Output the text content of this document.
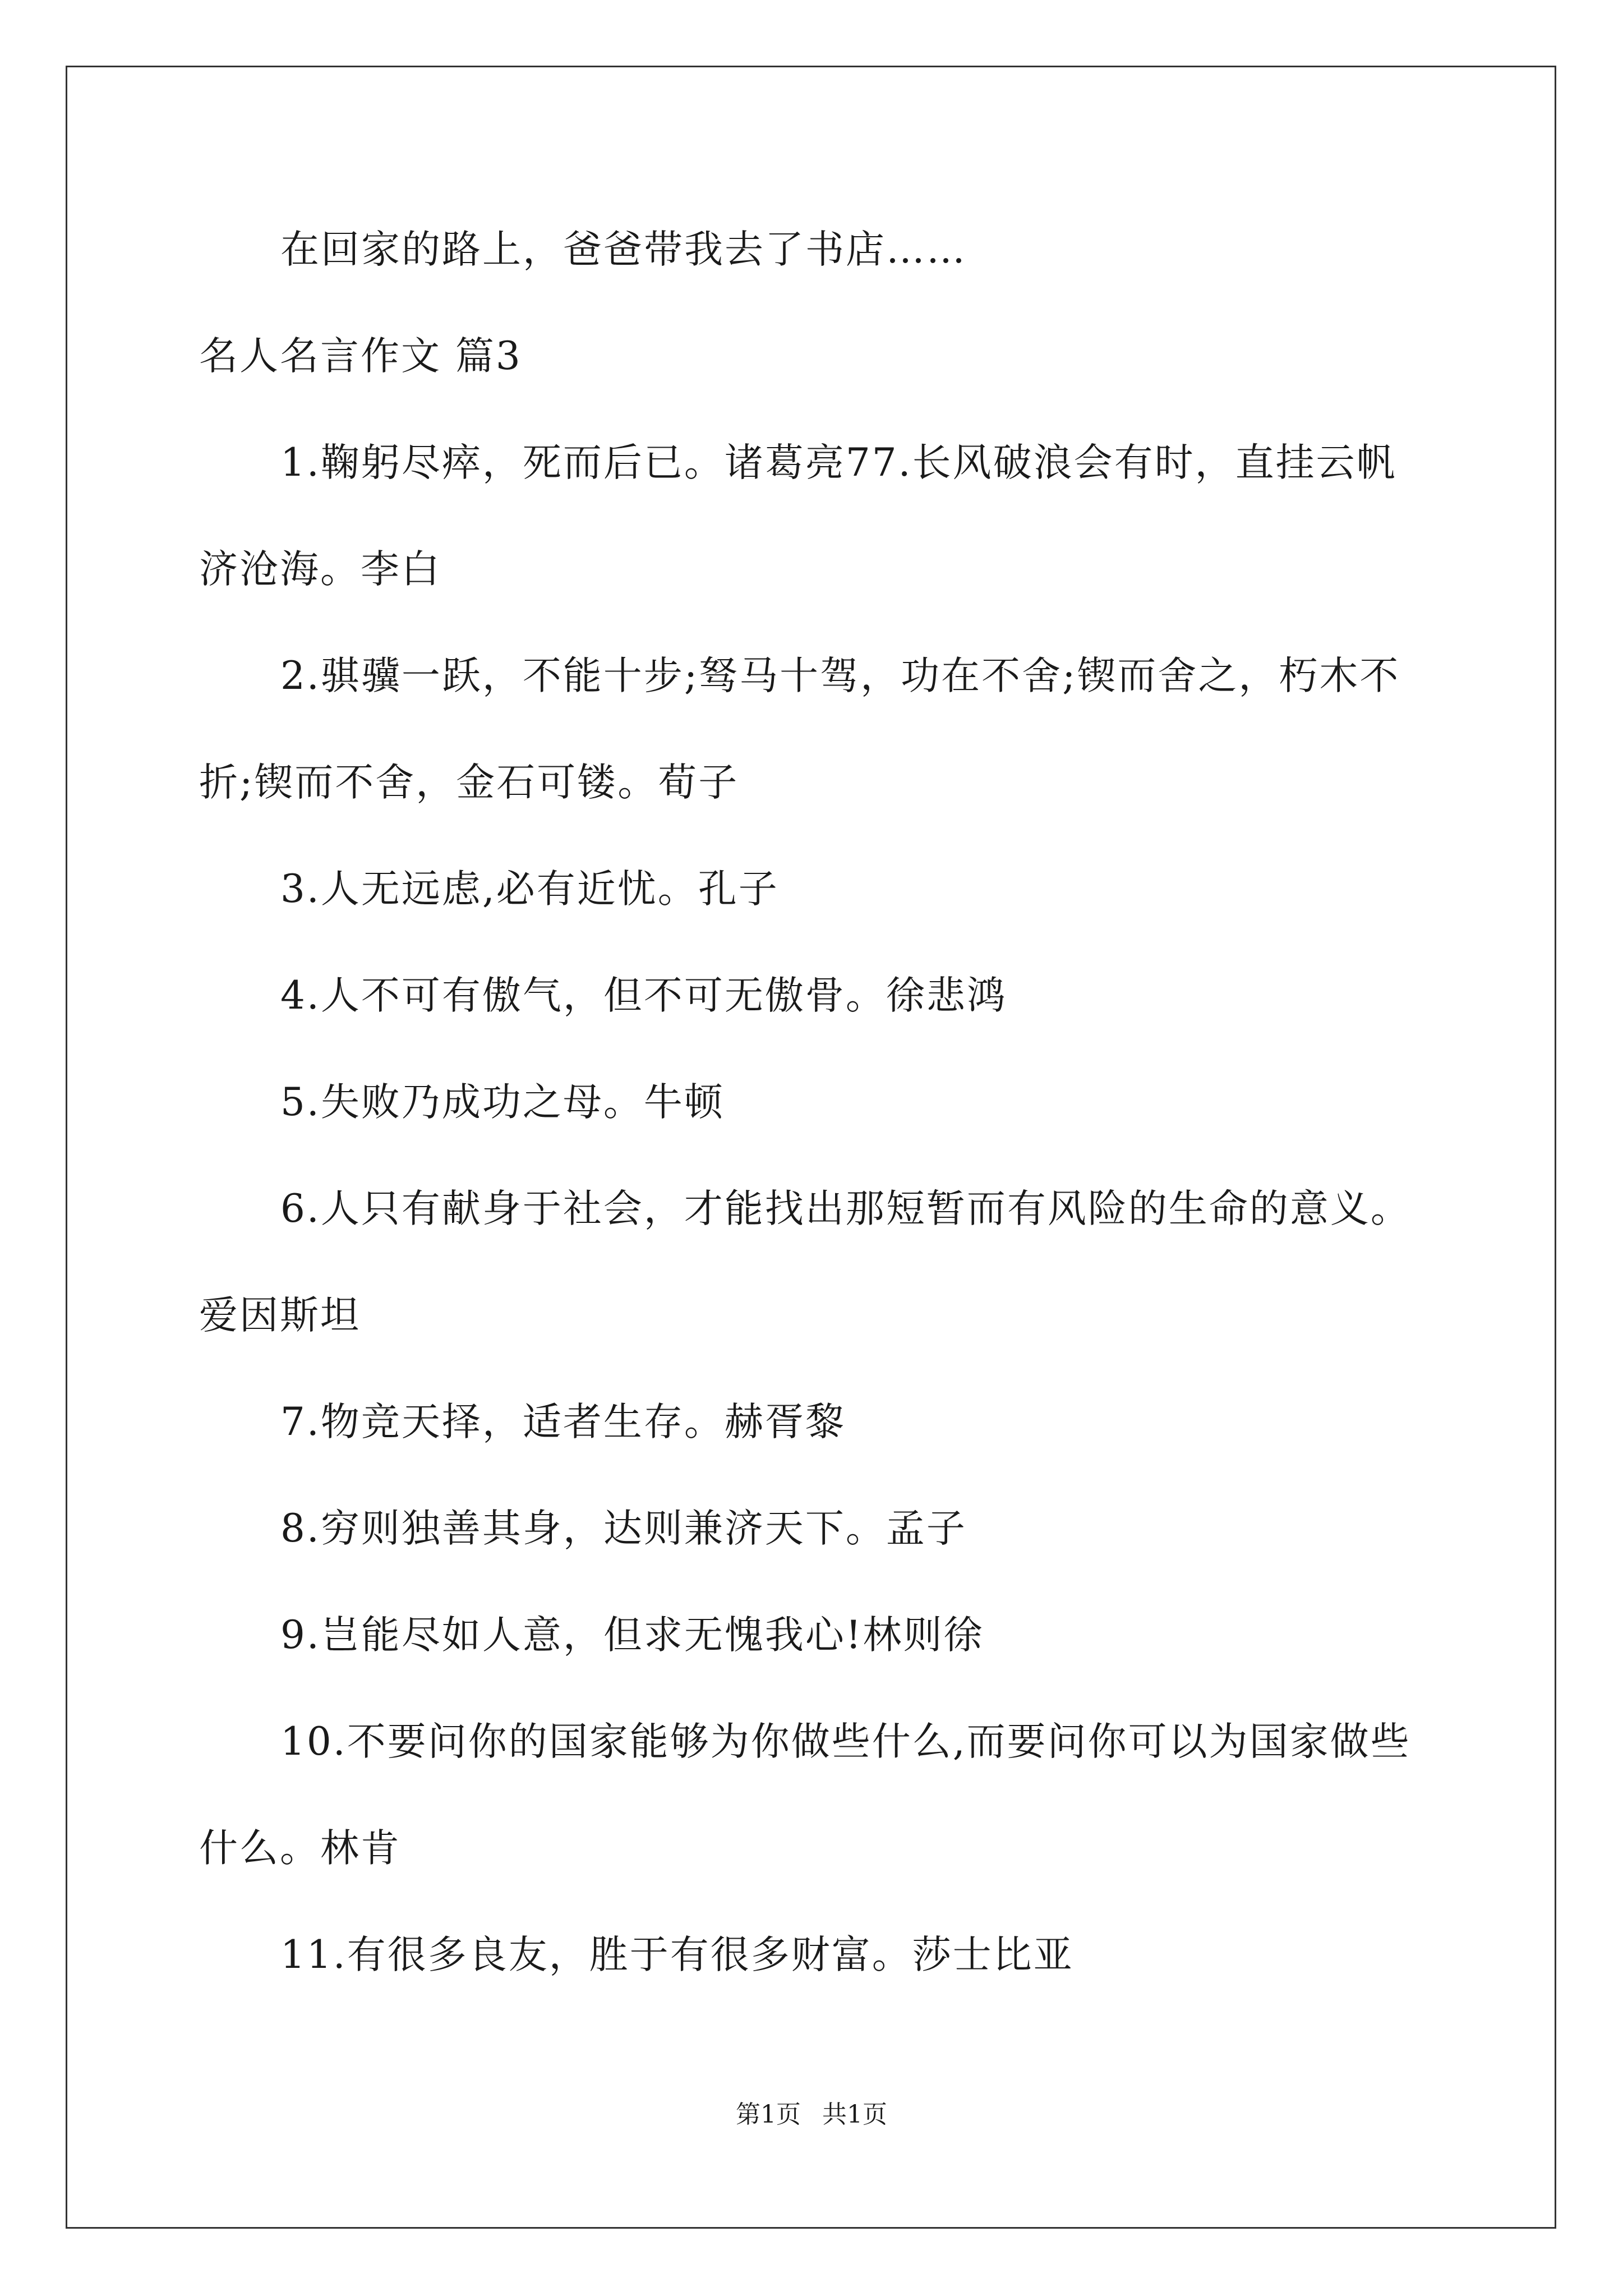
在回家的路上，爸爸带我去了书店……
名人名言作文 篇3
1.鞠躬尽瘁，死而后已。诸葛亮77.长风破浪会有时，直挂云帆
济沧海。李白
2.骐骥一跃，不能十步;驽马十驾，功在不舍;锲而舍之，朽木不
折;锲而不舍，金石可镂。荀子
3.人无远虑,必有近忧。孔子
4.人不可有傲气，但不可无傲骨。徐悲鸿
5.失败乃成功之母。牛顿
6.人只有献身于社会，才能找出那短暂而有风险的生命的意义。
爱因斯坦
7.物竞天择，适者生存。赫胥黎
8.穷则独善其身，达则兼济天下。孟子
9.岂能尽如人意，但求无愧我心!林则徐
10.不要问你的国家能够为你做些什么,而要问你可以为国家做些
什么。林肯
11.有很多良友，胜于有很多财富。莎士比亚
第1页 共1页
